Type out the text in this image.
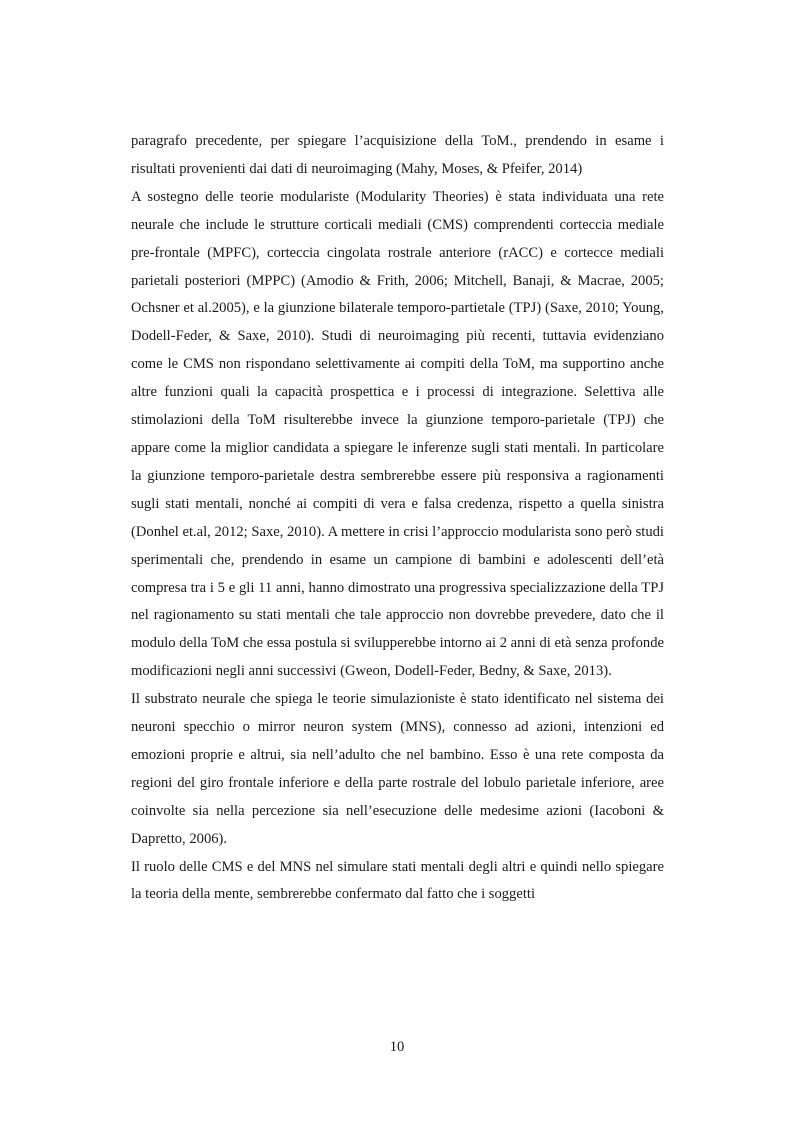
paragrafo precedente, per spiegare l’acquisizione della ToM., prendendo in esame i risultati provenienti dai dati di neuroimaging (Mahy, Moses, & Pfeifer, 2014)

A sostegno delle teorie modulariste (Modularity Theories) è stata individuata una rete neurale che include le strutture corticali mediali (CMS) comprendenti corteccia mediale pre-frontale (MPFC), corteccia cingolata rostrale anteriore (rACC) e cortecce mediali parietali posteriori (MPPC) (Amodio & Frith, 2006; Mitchell, Banaji, & Macrae, 2005; Ochsner et al.2005), e la giunzione bilaterale temporo-partietale (TPJ) (Saxe, 2010; Young, Dodell-Feder, & Saxe, 2010). Studi di neuroimaging più recenti, tuttavia evidenziano come le CMS non rispondano selettivamente ai compiti della ToM, ma supportino anche altre funzioni quali la capacità prospettica e i processi di integrazione. Selettiva alle stimolazioni della ToM risulterebbe invece la giunzione temporo-parietale (TPJ) che appare come la miglior candidata a spiegare le inferenze sugli stati mentali. In particolare la giunzione temporo-parietale destra sembrerebbe essere più responsiva a ragionamenti sugli stati mentali, nonché ai compiti di vera e falsa credenza, rispetto a quella sinistra (Donhel et.al, 2012; Saxe, 2010). A mettere in crisi l’approccio modularista sono però studi sperimentali che, prendendo in esame un campione di bambini e adolescenti dell’età compresa tra i 5 e gli 11 anni, hanno dimostrato una progressiva specializzazione della TPJ nel ragionamento su stati mentali che tale approccio non dovrebbe prevedere, dato che il modulo della ToM che essa postula si svilupperebbe intorno ai 2 anni di età senza profonde modificazioni negli anni successivi (Gweon, Dodell-Feder, Bedny, & Saxe, 2013).

Il substrato neurale che spiega le teorie simulazioniste è stato identificato nel sistema dei neuroni specchio o mirror neuron system (MNS), connesso ad azioni, intenzioni ed emozioni proprie e altrui, sia nell’adulto che nel bambino. Esso è una rete composta da regioni del giro frontale inferiore e della parte rostrale del lobulo parietale inferiore, aree coinvolte sia nella percezione sia nell’esecuzione delle medesime azioni (Iacoboni & Dapretto, 2006).

Il ruolo delle CMS e del MNS nel simulare stati mentali degli altri e quindi nello spiegare la teoria della mente, sembrerebbe confermato dal fatto che i soggetti

10
